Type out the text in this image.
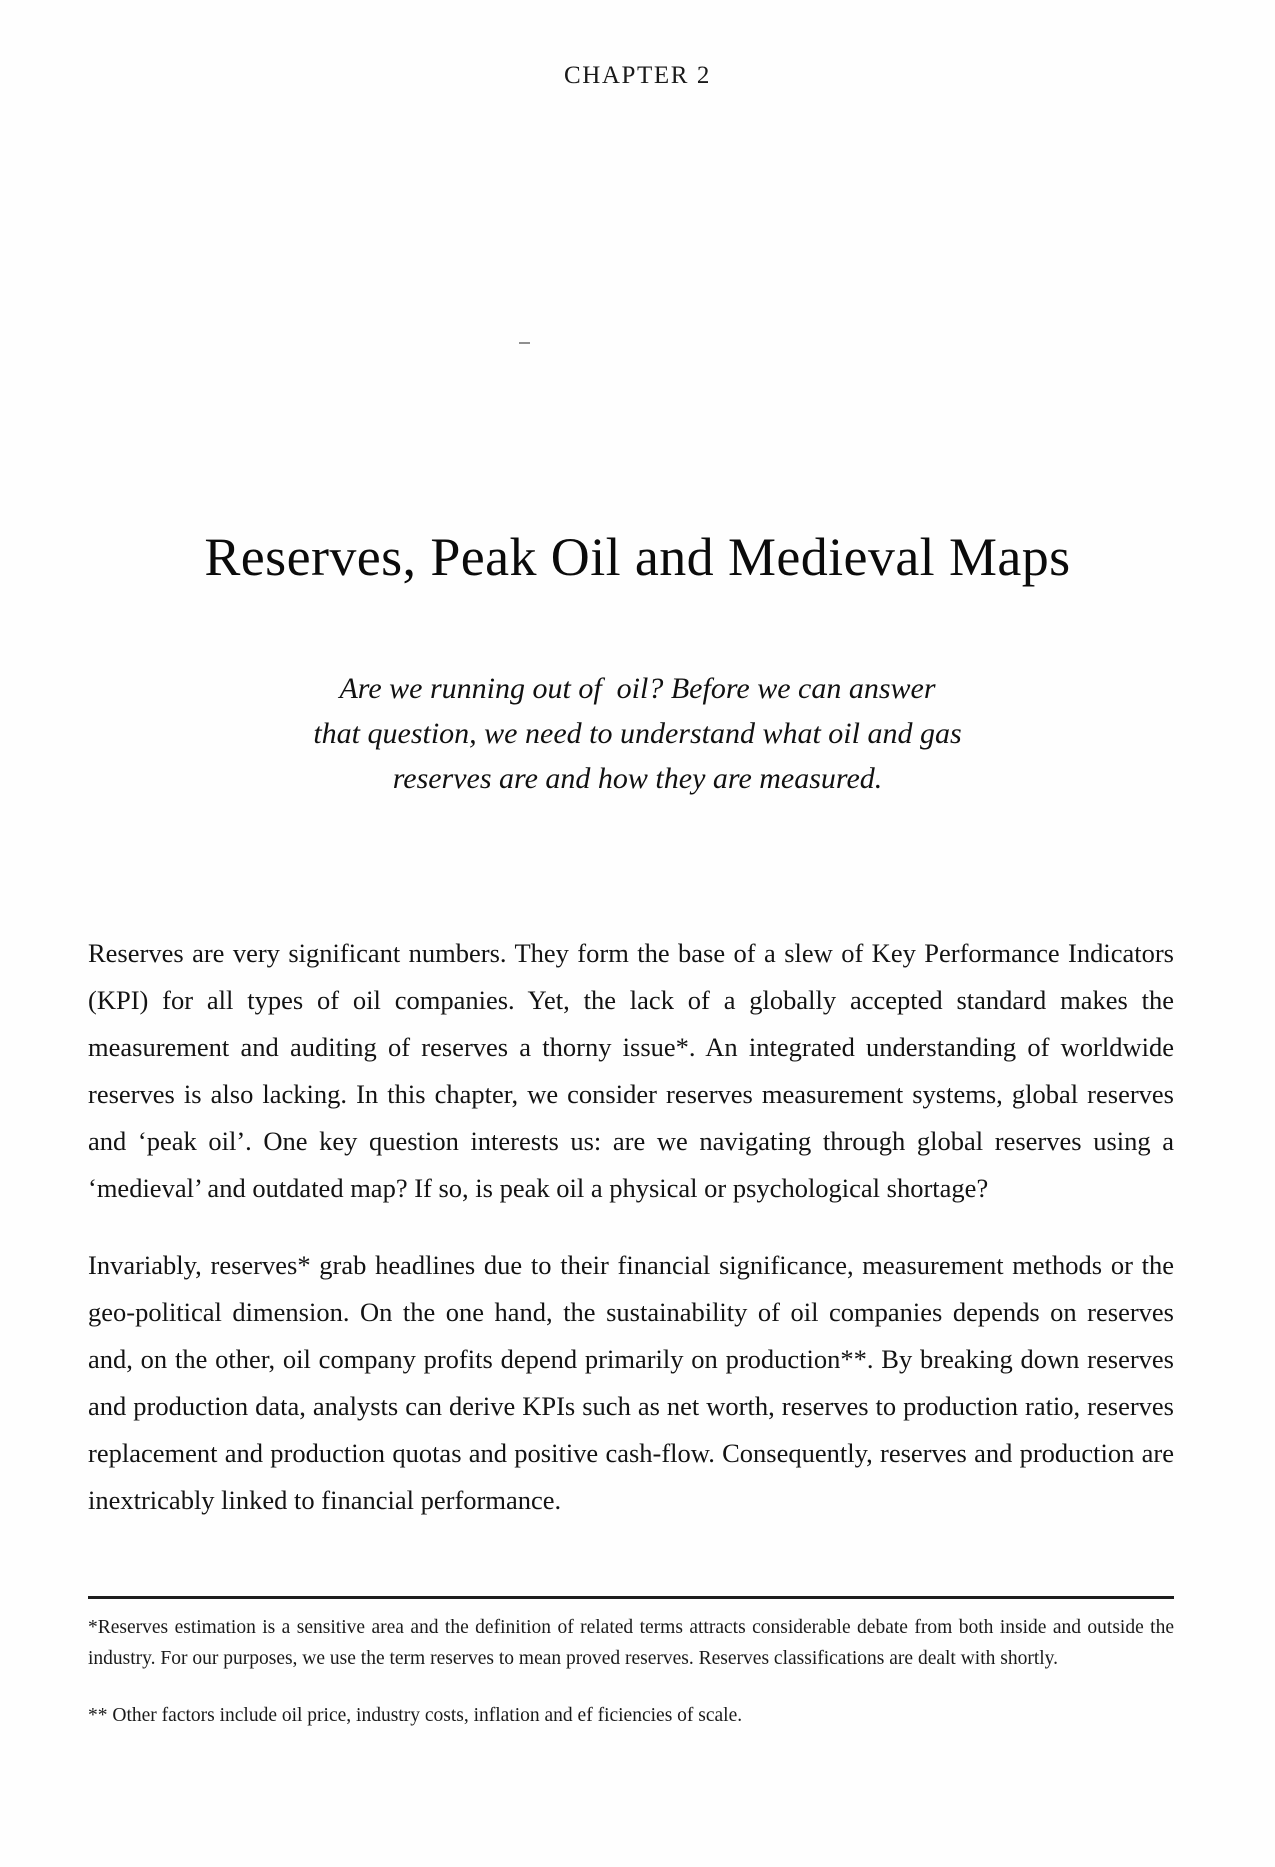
CHAPTER 2
Reserves, Peak Oil and Medieval Maps
Are we running out of  oil? Before we can answer
that question, we need to understand what oil and gas
reserves are and how they are measured.

Reserves are very significant numbers. They form the base of a slew of Key Performance Indicators (KPI) for all types of oil companies. Yet, the lack of a globally accepted standard makes the measurement and auditing of reserves a thorny issue*. An integrated understanding of worldwide reserves is also lacking. In this chapter, we consider reserves measurement systems, global reserves and ‘peak oil’. One key question interests us: are we navigating through global reserves using a ‘medieval’ and outdated map? If so, is peak oil a physical or psychological shortage?

Invariably, reserves* grab headlines due to their financial significance, measurement methods or the geo-political dimension. On the one hand, the sustainability of oil companies depends on reserves and, on the other, oil company profits depend primarily on production**. By breaking down reserves and production data, analysts can derive KPIs such as net worth, reserves to production ratio, reserves replacement and production quotas and positive cash-flow. Consequently, reserves and production are inextricably linked to financial performance.

*Reserves estimation is a sensitive area and the definition of related terms attracts considerable debate from both inside and outside the industry. For our purposes, we use the term reserves to mean proved reserves. Reserves classifications are dealt with shortly.

** Other factors include oil price, industry costs, inflation and ef ficiencies of scale.
